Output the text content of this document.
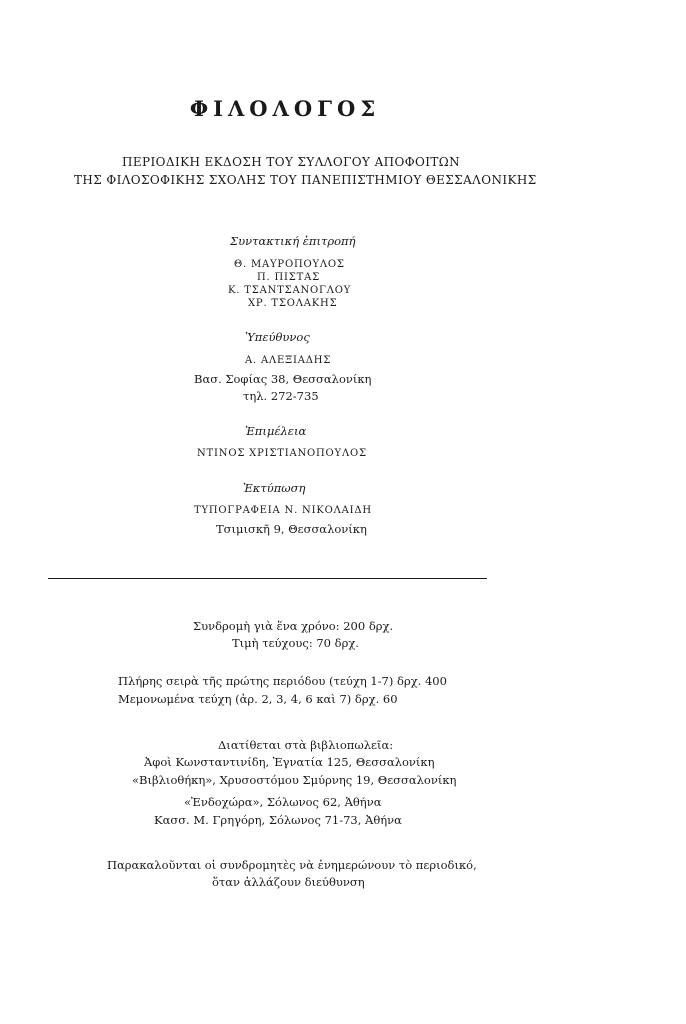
ΦΙΛΟΛΟΓΟΣ
ΠΕΡΙΟΔΙΚΗ ΕΚΔΟΣΗ ΤΟΥ ΣΥΛΛΟΓΟΥ ΑΠΟΦΟΙΤΩΝ
ΤΗΣ ΦΙΛΟΣΟΦΙΚΗΣ ΣΧΟΛΗΣ ΤΟΥ ΠΑΝΕΠΙΣΤΗΜΙΟΥ ΘΕΣΣΑΛΟΝΙΚΗΣ
Συντακτική ἐπιτροπή
Θ. ΜΑΥΡΟΠΟΥΛΟΣ
Π. ΠΙΣΤΑΣ
Κ. ΤΣΑΝΤΣΑΝΟΓΛΟΥ
ΧΡ. ΤΣΟΛΑΚΗΣ
Ὑπεύθυνος
Α. ΑΛΕΞΙΑΔΗΣ
Βασ. Σοφίας 38, Θεσσαλονίκη
τηλ. 272-735
Ἐπιμέλεια
ΝΤΙΝΟΣ ΧΡΙΣΤΙΑΝΟΠΟΥΛΟΣ
Ἐκτύπωση
ΤΥΠΟΓΡΑΦΕΙΑ Ν. ΝΙΚΟΛΑΙΔΗ
Τσιμισκῆ 9, Θεσσαλονίκη
Συνδρομὴ γιὰ ἕνα χρόνο: 200 δρχ.
Τιμὴ τεύχους: 70 δρχ.
Πλήρης σειρὰ τῆς πρώτης περιόδου (τεύχη 1-7) δρχ. 400
Μεμονωμένα τεύχη (ἀρ. 2, 3, 4, 6 καὶ 7) δρχ. 60
Διατίθεται στὰ βιβλιοπωλεῖα:
Ἀφοὶ Κωνσταντινίδη, Ἐγνατία 125, Θεσσαλονίκη
«Βιβλιοθήκη», Χρυσοστόμου Σμύρνης 19, Θεσσαλονίκη
«Ἐνδοχώρα», Σόλωνος 62, Ἀθήνα
Κασσ. Μ. Γρηγόρη, Σόλωνος 71-73, Ἀθήνα
Παρακαλοῦνται οἱ συνδρομητὲς νὰ ἐνημερώνουν τὸ περιοδικό,
ὅταν ἀλλάζουν διεύθυνση
